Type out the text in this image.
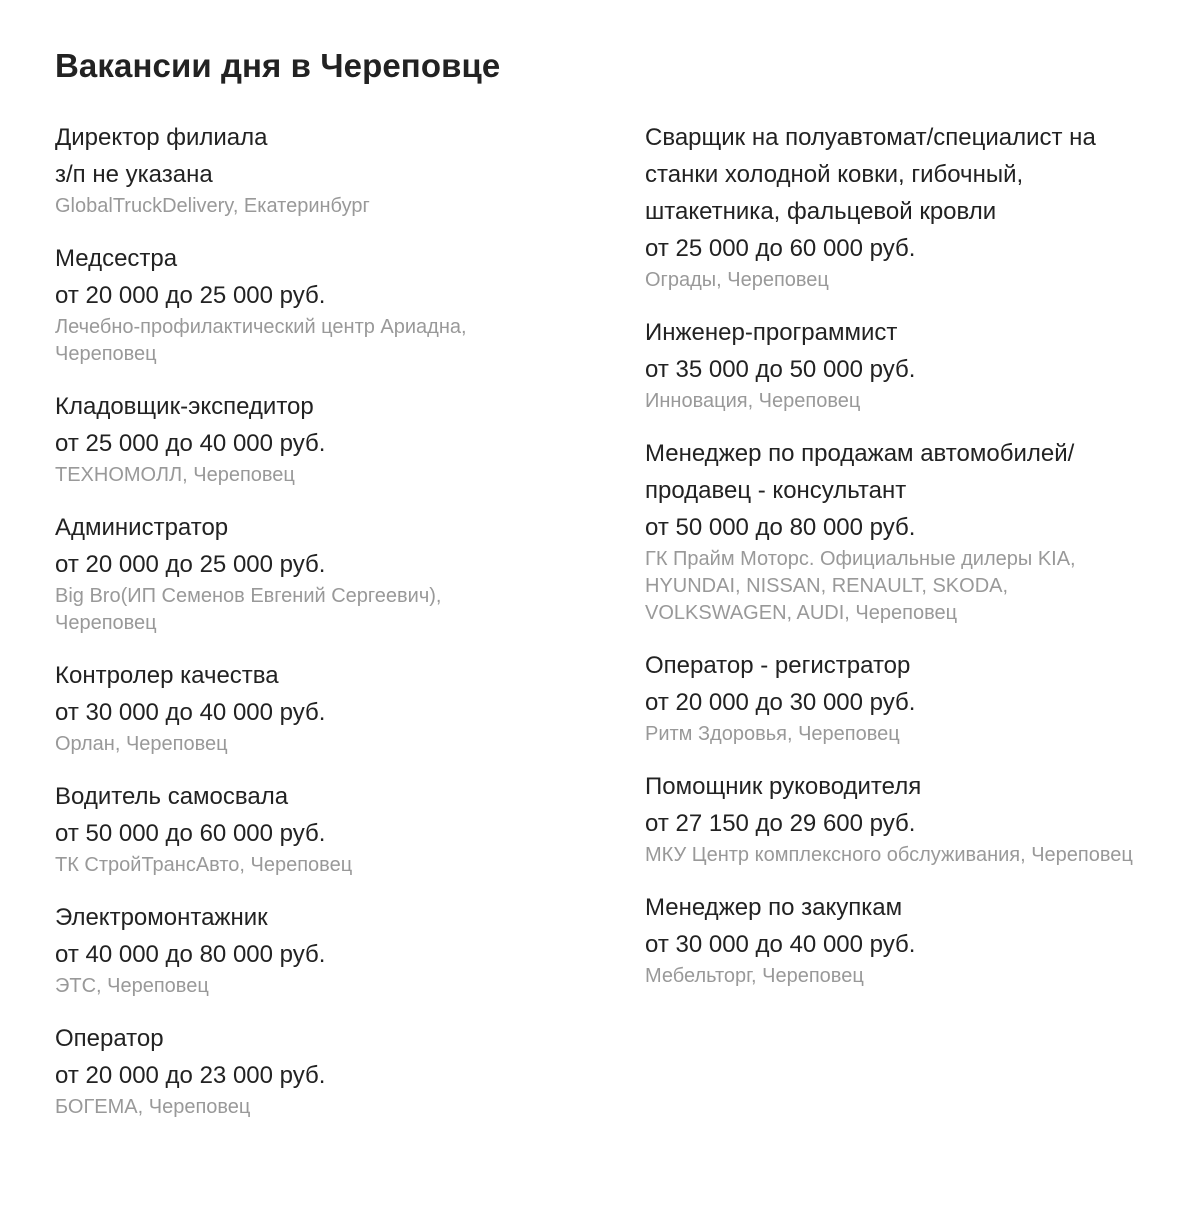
Вакансии дня в Череповце
Директор филиала
з/п не указана
GlobalTruckDelivery, Екатеринбург
Медсестра
от 20 000 до 25 000 руб.
Лечебно-профилактический центр Ариадна, Череповец
Кладовщик-экспедитор
от 25 000 до 40 000 руб.
ТЕХНОМОЛЛ, Череповец
Администратор
от 20 000 до 25 000 руб.
Big Bro(ИП Семенов Евгений Сергеевич), Череповец
Контролер качества
от 30 000 до 40 000 руб.
Орлан, Череповец
Водитель самосвала
от 50 000 до 60 000 руб.
ТК СтройТрансАвто, Череповец
Электромонтажник
от 40 000 до 80 000 руб.
ЭТС, Череповец
Оператор
от 20 000 до 23 000 руб.
БОГЕМА, Череповец
Сварщик на полуавтомат/специалист на станки холодной ковки, гибочный, штакетника, фальцевой кровли
от 25 000 до 60 000 руб.
Ограды, Череповец
Инженер-программист
от 35 000 до 50 000 руб.
Инновация, Череповец
Менеджер по продажам автомобилей/продавец - консультант
от 50 000 до 80 000 руб.
ГК Прайм Моторс. Официальные дилеры KIA, HYUNDAI, NISSAN, RENAULT, SKODA, VOLKSWAGEN, AUDI, Череповец
Оператор - регистратор
от 20 000 до 30 000 руб.
Ритм Здоровья, Череповец
Помощник руководителя
от 27 150 до 29 600 руб.
МКУ Центр комплексного обслуживания, Череповец
Менеджер по закупкам
от 30 000 до 40 000 руб.
Мебельторг, Череповец
